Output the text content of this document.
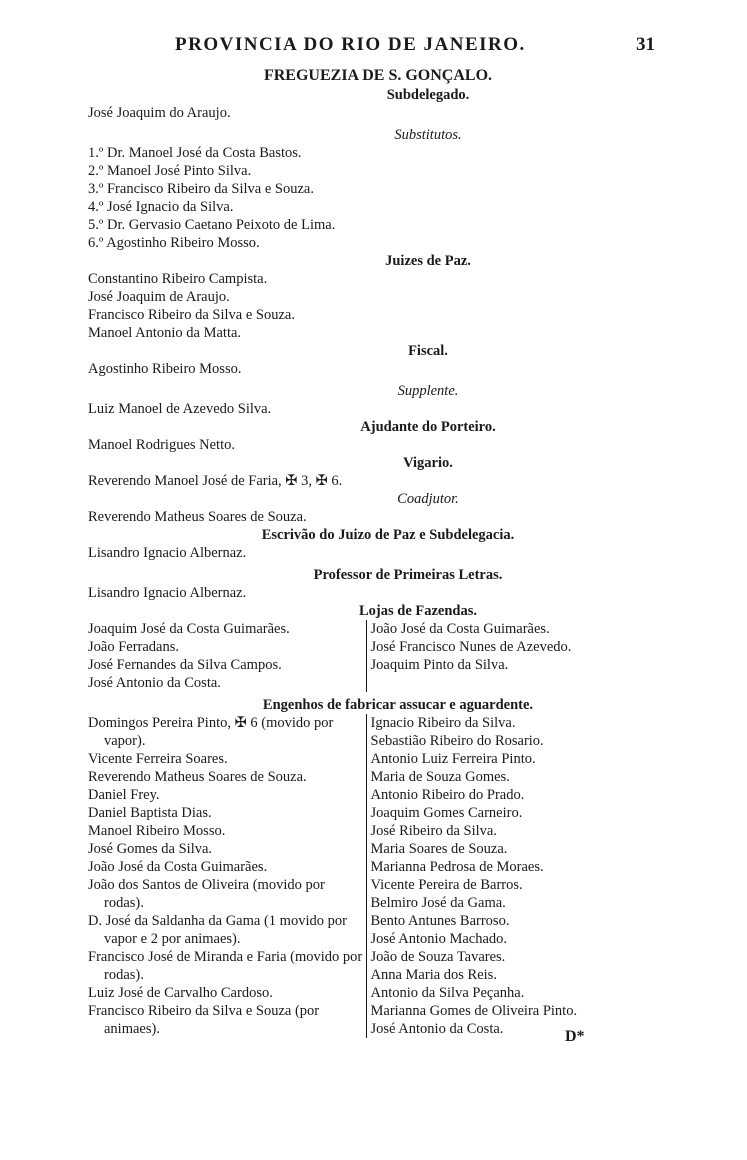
PROVINCIA DO RIO DE JANEIRO.	31
FREGUEZIA DE S. GONÇALO.
Subdelegado.
José Joaquim do Araujo.
Substitutos.
1.º Dr. Manoel José da Costa Bastos.
2.º Manoel José Pinto Silva.
3.º Francisco Ribeiro da Silva e Souza.
4.º José Ignacio da Silva.
5.º Dr. Gervasio Caetano Peixoto de Lima.
6.º Agostinho Ribeiro Mosso.
Juizes de Paz.
Constantino Ribeiro Campista.
José Joaquim de Araujo.
Francisco Ribeiro da Silva e Souza.
Manoel Antonio da Matta.
Fiscal.
Agostinho Ribeiro Mosso.
Supplente.
Luiz Manoel de Azevedo Silva.
Ajudante do Porteiro.
Manoel Rodrigues Netto.
Vigario.
Reverendo Manoel José de Faria, ✠ 3, ✠ 6.
Coadjutor.
Reverendo Matheus Soares de Souza.
Escrivão do Juizo de Paz e Subdelegacia.
Lisandro Ignacio Albernaz.
Professor de Primeiras Letras.
Lisandro Ignacio Albernaz.
Lojas de Fazendas.
Joaquim José da Costa Guimarães.
João Ferradans.
José Fernandes da Silva Campos.
José Antonio da Costa.
João José da Costa Guimarães.
José Francisco Nunes de Azevedo.
Joaquim Pinto da Silva.
Engenhos de fabricar assucar e aguardente.
Domingos Pereira Pinto, ✠ 6 (movido por vapor).
Vicente Ferreira Soares.
Reverendo Matheus Soares de Souza.
Daniel Frey.
Daniel Baptista Dias.
Manoel Ribeiro Mosso.
José Gomes da Silva.
João José da Costa Guimarães.
João dos Santos de Oliveira (movido por rodas).
D. José da Saldanha da Gama (1 movido por vapor e 2 por animaes).
Francisco José de Miranda e Faria (movido por rodas).
Luiz José de Carvalho Cardoso.
Francisco Ribeiro da Silva e Souza (por animaes).
Ignacio Ribeiro da Silva.
Sebastião Ribeiro do Rosario.
Antonio Luiz Ferreira Pinto.
Maria de Souza Gomes.
Antonio Ribeiro do Prado.
Joaquim Gomes Carneiro.
José Ribeiro da Silva.
Maria Soares de Souza.
Marianna Pedrosa de Moraes.
Vicente Pereira de Barros.
Belmiro José da Gama.
Bento Antunes Barroso.
José Antonio Machado.
João de Souza Tavares.
Anna Maria dos Reis.
Antonio da Silva Peçanha.
Marianna Gomes de Oliveira Pinto.
José Antonio da Costa.	D*
